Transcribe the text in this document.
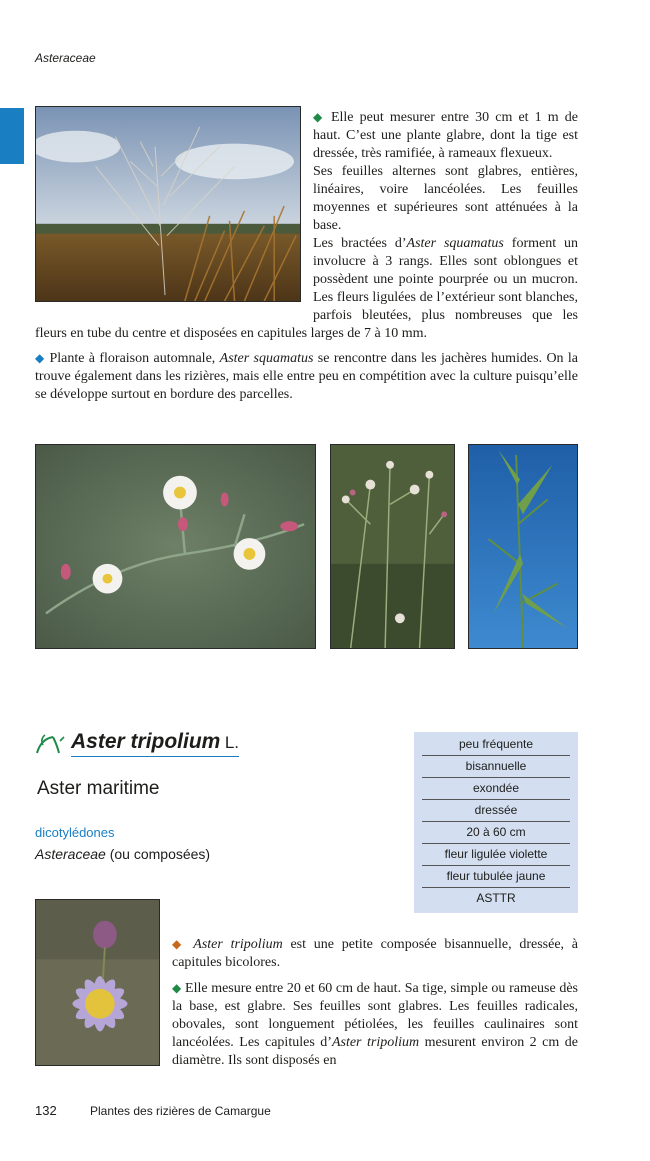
Asteraceae

◆ Elle peut mesurer entre 30 cm et 1 m de haut. C’est une plante glabre, dont la tige est dressée, très ramifiée, à rameaux flexueux.

Ses feuilles alternes sont glabres, entières, linéaires, voire lancéolées. Les feuilles moyennes et supérieures sont atténuées à la base.

Les bractées d’Aster squamatus forment un involucre à 3 rangs. Elles sont oblongues et possèdent une pointe pourprée ou un mucron. Les fleurs ligulées de l’extérieur sont blanches, parfois bleutées, plus nombreuses que les fleurs en tube du centre et disposées en capitules larges de 7 à 10 mm.

◆ Plante à floraison automnale, Aster squamatus se rencontre dans les jachères humides. On la trouve également dans les rizières, mais elle entre peu en compétition avec la culture puisqu’elle se développe surtout en bordure des parcelles.

Aster tripolium L.
Aster maritime
dicotylédones
Asteraceae (ou composées)
peu fréquente
bisannuelle
exondée
dressée
20 à 60 cm
fleur ligulée violette
fleur tubulée jaune
ASTTR

◆ Aster tripolium est une petite composée bisannuelle, dressée, à capitules bicolores.

◆ Elle mesure entre 20 et 60 cm de haut. Sa tige, simple ou rameuse dès la base, est glabre. Ses feuilles sont glabres. Les feuilles radicales, obovales, sont longuement pétiolées, les feuilles caulinaires sont lancéolées. Les capitules d’Aster tripolium mesurent environ 2 cm de diamètre. Ils sont disposés en

132	Plantes des rizières de Camargue
